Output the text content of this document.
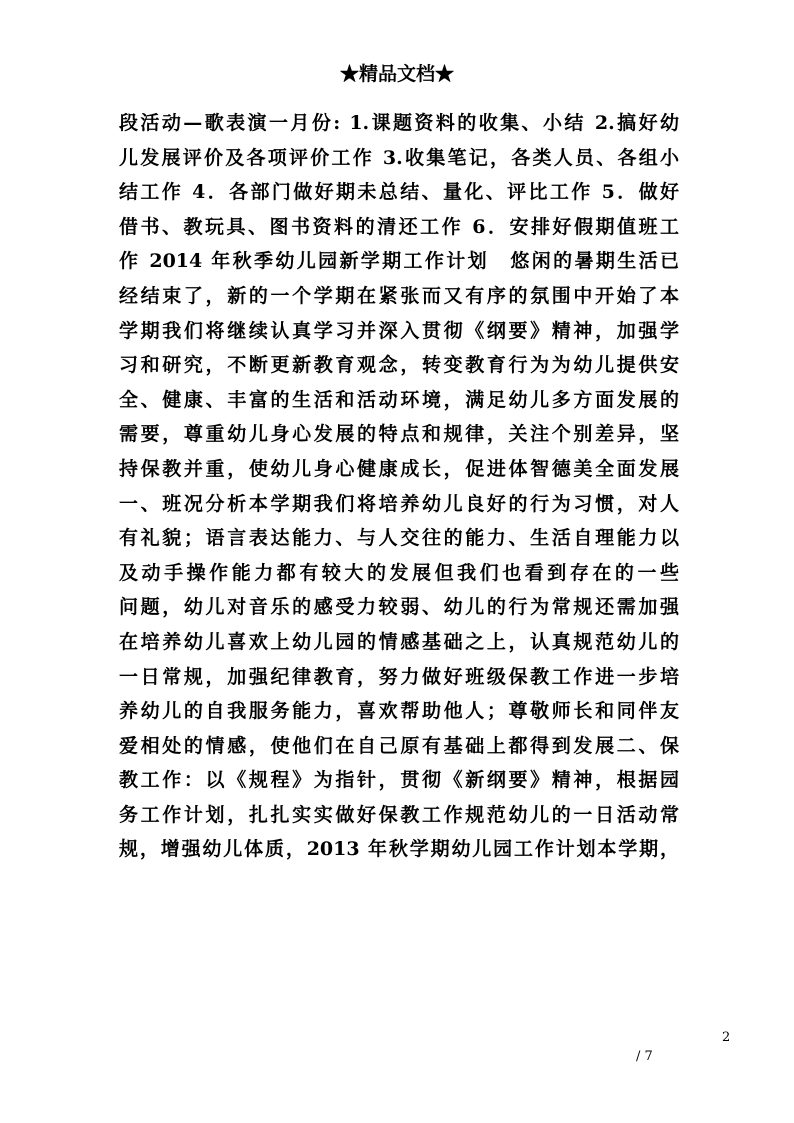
★精品文档★
段活动—歌表演一月份: 1.课题资料的收集、小结 2.搞好幼
儿发展评价及各项评价工作 3.收集笔记，各类人员、各组小
结工作 4．各部门做好期未总结、量化、评比工作 5．做好
借书、教玩具、图书资料的清还工作 6．安排好假期值班工
作 2014 年秋季幼儿园新学期工作计划　悠闲的暑期生活已
经结束了，新的一个学期在紧张而又有序的氛围中开始了本
学期我们将继续认真学习并深入贯彻《纲要》精神，加强学
习和研究，不断更新教育观念，转变教育行为为幼儿提供安
全、健康、丰富的生活和活动环境，满足幼儿多方面发展的
需要，尊重幼儿身心发展的特点和规律，关注个别差异，坚
持保教并重，使幼儿身心健康成长，促进体智德美全面发展
一、班况分析本学期我们将培养幼儿良好的行为习惯，对人
有礼貌；语言表达能力、与人交往的能力、生活自理能力以
及动手操作能力都有较大的发展但我们也看到存在的一些
问题，幼儿对音乐的感受力较弱、幼儿的行为常规还需加强
在培养幼儿喜欢上幼儿园的情感基础之上，认真规范幼儿的
一日常规，加强纪律教育，努力做好班级保教工作进一步培
养幼儿的自我服务能力，喜欢帮助他人；尊敬师长和同伴友
爱相处的情感，使他们在自己原有基础上都得到发展二、保
教工作：以《规程》为指针，贯彻《新纲要》精神，根据园
务工作计划，扎扎实实做好保教工作规范幼儿的一日活动常
规，增强幼儿体质，2013 年秋学期幼儿园工作计划本学期，
2
/ 7
